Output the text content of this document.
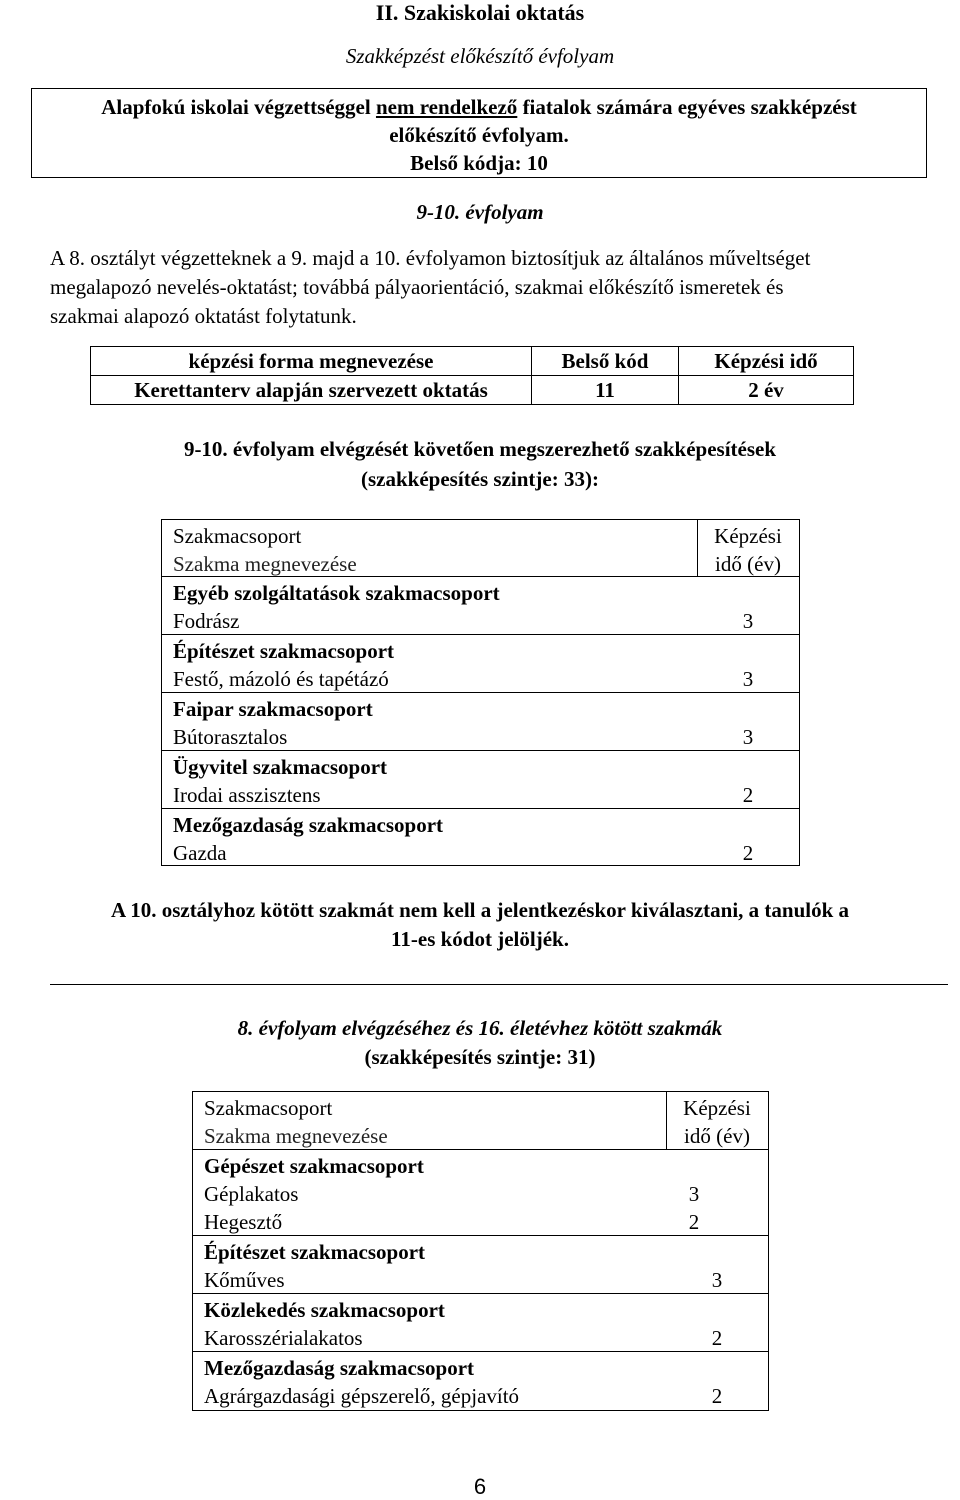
II. Szakiskolai oktatás
Szakképzést előkészítő évfolyam
Alapfokú iskolai végzettséggel nem rendelkező fiatalok számára egyéves szakképzést
előkészítő évfolyam.
Belső kódja: 10
9-10. évfolyam
A 8. osztályt végzetteknek a 9. majd a 10. évfolyamon biztosítjuk az általános műveltséget
megalapozó nevelés-oktatást; továbbá pályaorientáció, szakmai előkészítő ismeretek és
szakmai alapozó oktatást folytatunk.
képzési forma megnevezése	Belső kód	Képzési idő
Kerettanterv alapján szervezett oktatás	11	2 év
9-10. évfolyam elvégzését követően megszerezhető szakképesítések
(szakképesítés szintje: 33):
Szakmacsoport
Szakma megnevezése
Képzési
idő (év)
Egyéb szolgáltatások szakmacsoport
Fodrász	3
Építészet szakmacsoport
Festő, mázoló és tapétázó	3
Faipar szakmacsoport
Bútorasztalos	3
Ügyvitel szakmacsoport
Irodai asszisztens	2
Mezőgazdaság szakmacsoport
Gazda	2
A 10. osztályhoz kötött szakmát nem kell a jelentkezéskor kiválasztani, a tanulók a
11-es kódot jelöljék.
8. évfolyam elvégzéséhez és 16. életévhez kötött szakmák
(szakképesítés szintje: 31)
Szakmacsoport
Szakma megnevezése
Képzési
idő (év)
Gépészet szakmacsoport
Géplakatos	3
Hegesztő	2
Építészet szakmacsoport
Kőműves	3
Közlekedés szakmacsoport
Karosszérialakatos	2
Mezőgazdaság szakmacsoport
Agrárgazdasági gépszerelő, gépjavító	2
6
